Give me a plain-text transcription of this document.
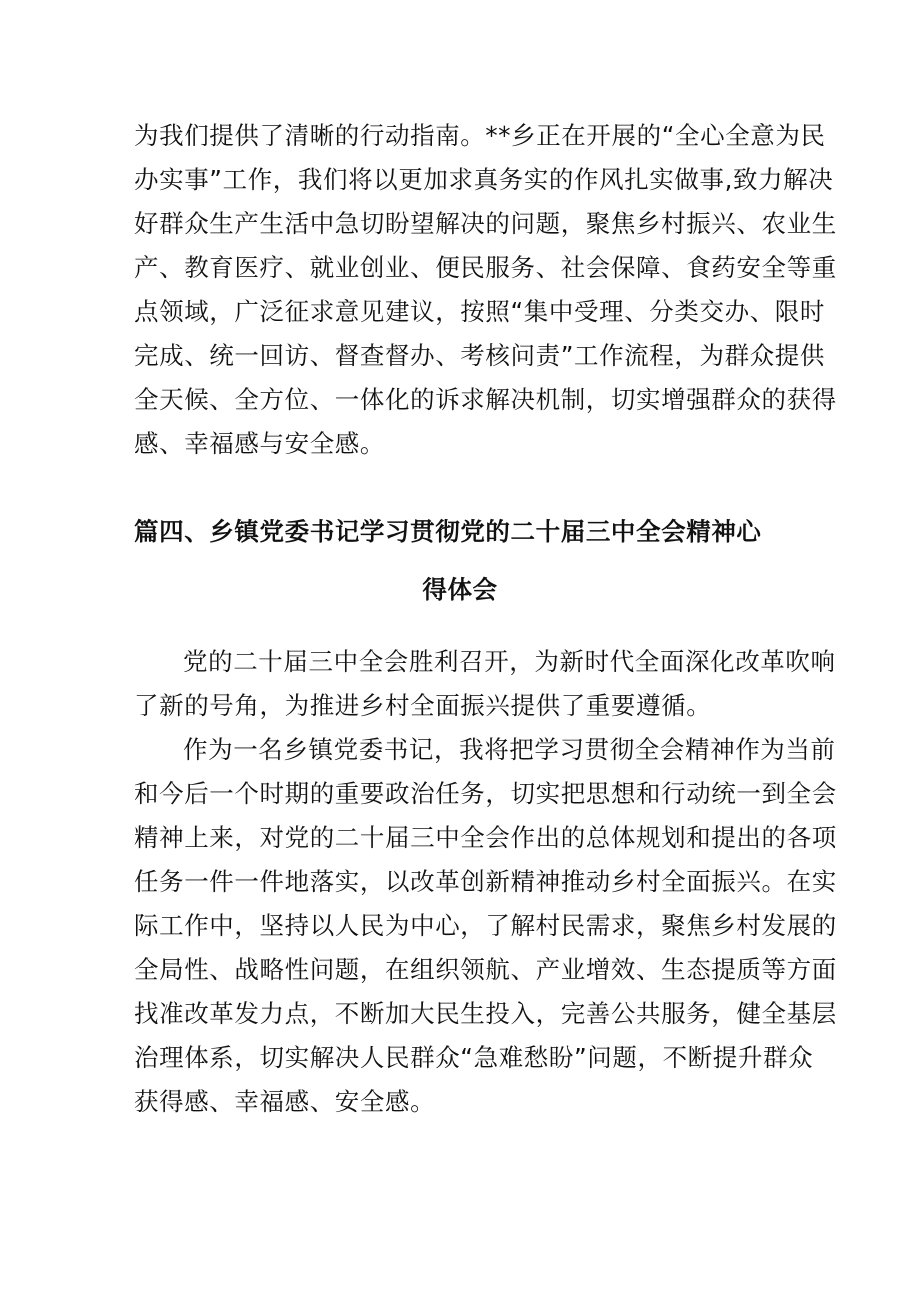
为我们提供了清晰的行动指南。**乡正在开展的“全心全意为民
办实事”工作，我们将以更加求真务实的作风扎实做事,致力解决
好群众生产生活中急切盼望解决的问题，聚焦乡村振兴、农业生
产、教育医疗、就业创业、便民服务、社会保障、食药安全等重
点领域，广泛征求意见建议，按照“集中受理、分类交办、限时
完成、统一回访、督查督办、考核问责”工作流程，为群众提供
全天候、全方位、一体化的诉求解决机制，切实增强群众的获得
感、幸福感与安全感。

篇四、乡镇党委书记学习贯彻党的二十届三中全会精神心
得体会

党的二十届三中全会胜利召开，为新时代全面深化改革吹响
了新的号角，为推进乡村全面振兴提供了重要遵循。

作为一名乡镇党委书记，我将把学习贯彻全会精神作为当前
和今后一个时期的重要政治任务，切实把思想和行动统一到全会
精神上来，对党的二十届三中全会作出的总体规划和提出的各项
任务一件一件地落实，以改革创新精神推动乡村全面振兴。在实
际工作中，坚持以人民为中心，了解村民需求，聚焦乡村发展的
全局性、战略性问题，在组织领航、产业增效、生态提质等方面
找准改革发力点，不断加大民生投入，完善公共服务，健全基层
治理体系，切实解决人民群众“急难愁盼”问题，不断提升群众
获得感、幸福感、安全感。
